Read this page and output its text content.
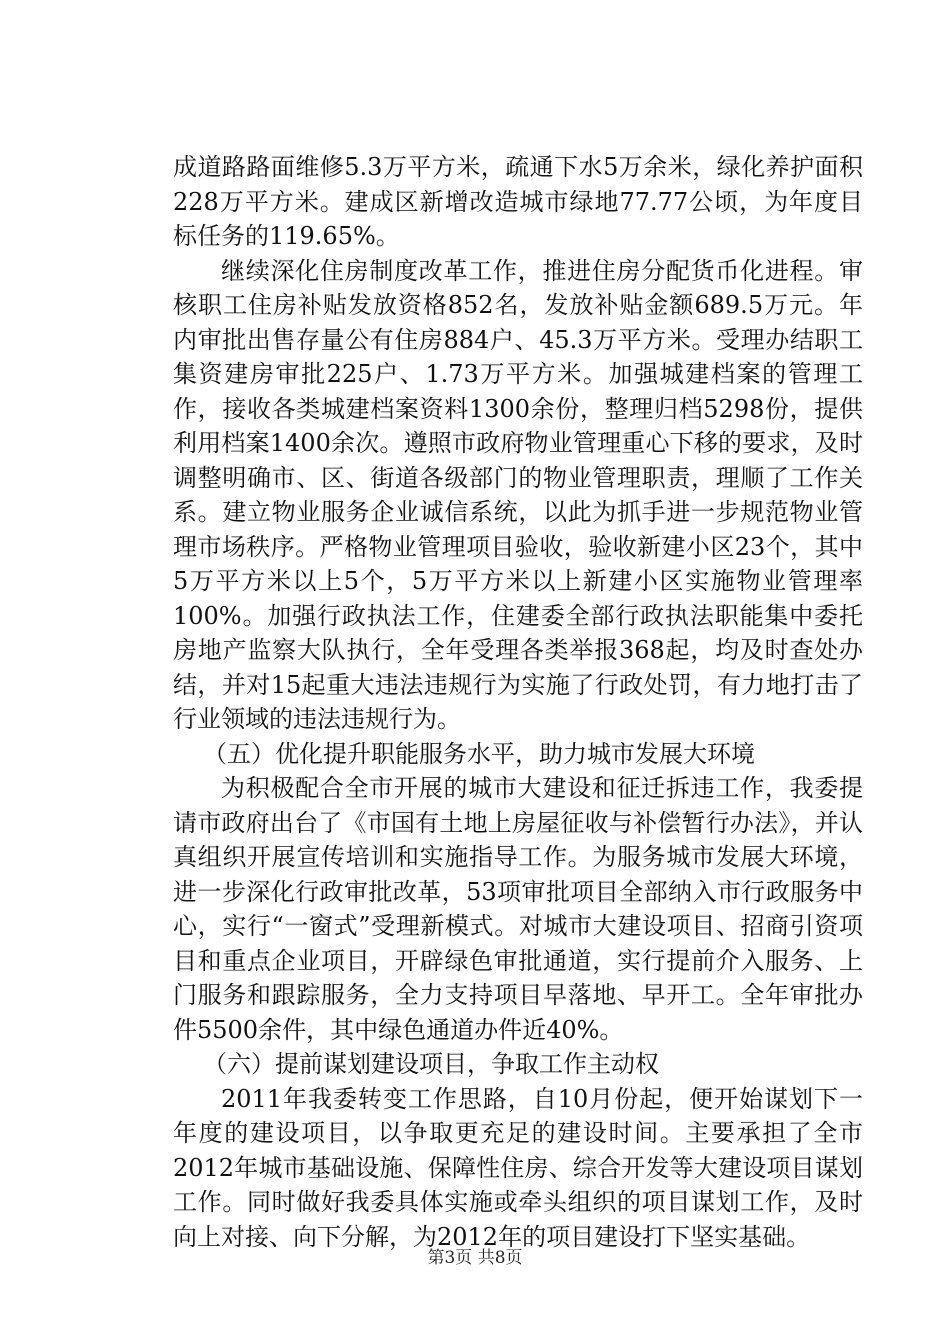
成道路路面维修5.3万平方米，疏通下水5万余米，绿化养护面积228万平方米。建成区新增改造城市绿地77.77公顷，为年度目标任务的119.65%。

继续深化住房制度改革工作，推进住房分配货币化进程。审核职工住房补贴发放资格852名，发放补贴金额689.5万元。年内审批出售存量公有住房884户、45.3万平方米。受理办结职工集资建房审批225户、1.73万平方米。加强城建档案的管理工作，接收各类城建档案资料1300余份，整理归档5298份，提供利用档案1400余次。遵照市政府物业管理重心下移的要求，及时调整明确市、区、街道各级部门的物业管理职责，理顺了工作关系。建立物业服务企业诚信系统，以此为抓手进一步规范物业管理市场秩序。严格物业管理项目验收，验收新建小区23个，其中5万平方米以上5个，5万平方米以上新建小区实施物业管理率100%。加强行政执法工作，住建委全部行政执法职能集中委托房地产监察大队执行，全年受理各类举报368起，均及时查处办结，并对15起重大违法违规行为实施了行政处罚，有力地打击了行业领域的违法违规行为。

（五）优化提升职能服务水平，助力城市发展大环境

为积极配合全市开展的城市大建设和征迁拆违工作，我委提请市政府出台了《市国有土地上房屋征收与补偿暂行办法》，并认真组织开展宣传培训和实施指导工作。为服务城市发展大环境，进一步深化行政审批改革，53项审批项目全部纳入市行政服务中心，实行“一窗式”受理新模式。对城市大建设项目、招商引资项目和重点企业项目，开辟绿色审批通道，实行提前介入服务、上门服务和跟踪服务，全力支持项目早落地、早开工。全年审批办件5500余件，其中绿色通道办件近40%。

（六）提前谋划建设项目，争取工作主动权

2011年我委转变工作思路，自10月份起，便开始谋划下一年度的建设项目，以争取更充足的建设时间。主要承担了全市2012年城市基础设施、保障性住房、综合开发等大建设项目谋划工作。同时做好我委具体实施或牵头组织的项目谋划工作，及时向上对接、向下分解，为2012年的项目建设打下坚实基础。

第3页 共8页
